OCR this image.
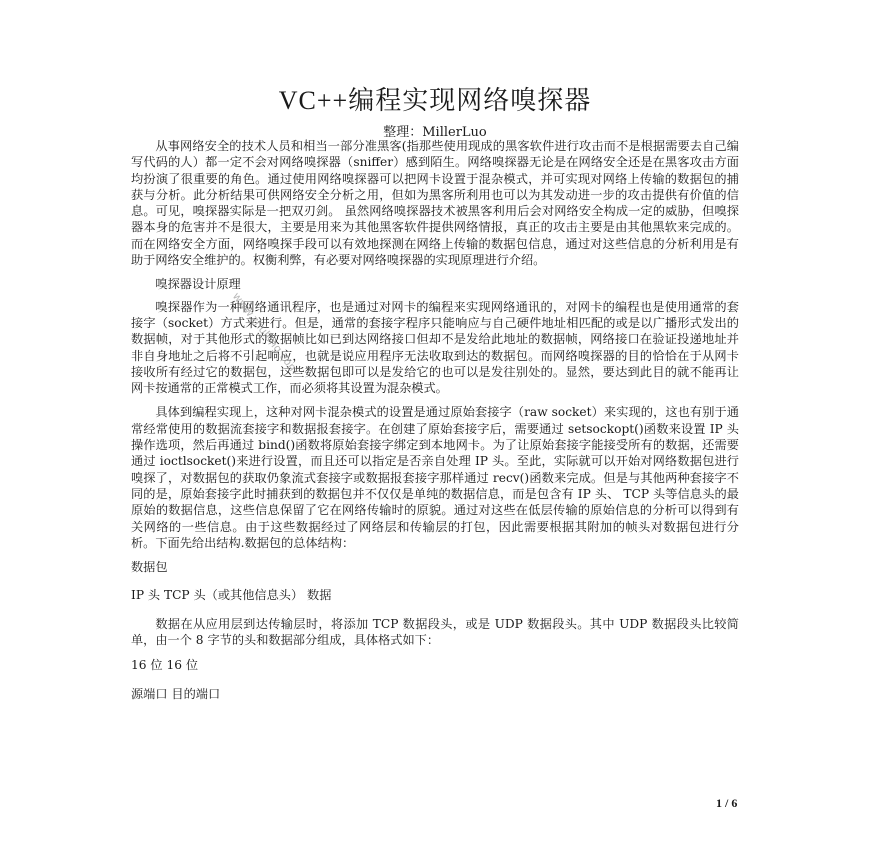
VC++编程实现网络嗅探器
整理：MillerLuo

从事网络安全的技术人员和相当一部分准黑客(指那些使用现成的黑客软件进行攻击而不是根据需要去自己编写代码的人）都一定不会对网络嗅探器（sniffer）感到陌生。网络嗅探器无论是在网络安全还是在黑客攻击方面均扮演了很重要的角色。通过使用网络嗅探器可以把网卡设置于混杂模式，并可实现对网络上传输的数据包的捕获与分析。此分析结果可供网络安全分析之用，但如为黑客所利用也可以为其发动进一步的攻击提供有价值的信息。可见，嗅探器实际是一把双刃剑。 虽然网络嗅探器技术被黑客利用后会对网络安全构成一定的威胁，但嗅探器本身的危害并不是很大，主要是用来为其他黑客软件提供网络情报，真正的攻击主要是由其他黑软来完成的。而在网络安全方面，网络嗅探手段可以有效地探测在网络上传输的数据包信息，通过对这些信息的分析利用是有助于网络安全维护的。权衡利弊，有必要对网络嗅探器的实现原理进行介绍。

嗅探器设计原理

嗅探器作为一种网络通讯程序，也是通过对网卡的编程来实现网络通讯的，对网卡的编程也是使用通常的套接字（socket）方式来进行。但是，通常的套接字程序只能响应与自己硬件地址相匹配的或是以广播形式发出的数据帧，对于其他形式的数据帧比如已到达网络接口但却不是发给此地址的数据帧，网络接口在验证投递地址并非自身地址之后将不引起响应，也就是说应用程序无法收取到达的数据包。而网络嗅探器的目的恰恰在于从网卡接收所有经过它的数据包，这些数据包即可以是发给它的也可以是发往别处的。显然，要达到此目的就不能再让网卡按通常的正常模式工作，而必须将其设置为混杂模式。

具体到编程实现上，这种对网卡混杂模式的设置是通过原始套接字（raw socket）来实现的，这也有别于通常经常使用的数据流套接字和数据报套接字。在创建了原始套接字后，需要通过 setsockopt()函数来设置 IP 头操作选项，然后再通过 bind()函数将原始套接字绑定到本地网卡。为了让原始套接字能接受所有的数据，还需要通过 ioctlsocket()来进行设置，而且还可以指定是否亲自处理 IP 头。至此，实际就可以开始对网络数据包进行嗅探了，对数据包的获取仍象流式套接字或数据报套接字那样通过 recv()函数来完成。但是与其他两种套接字不同的是，原始套接字此时捕获到的数据包并不仅仅是单纯的数据信息，而是包含有 IP 头、 TCP 头等信息头的最原始的数据信息，这些信息保留了它在网络传输时的原貌。通过对这些在低层传输的原始信息的分析可以得到有关网络的一些信息。由于这些数据经过了网络层和传输层的打包，因此需要根据其附加的帧头对数据包进行分析。下面先给出结构.数据包的总体结构：

数据包

IP 头 TCP 头（或其他信息头） 数据

数据在从应用层到达传输层时，将添加 TCP 数据段头，或是 UDP 数据段头。其中 UDP 数据段头比较简单，由一个 8 字节的头和数据部分组成，具体格式如下：

16 位 16 位

源端口 目的端口

www.zhulong.com
1 / 6
